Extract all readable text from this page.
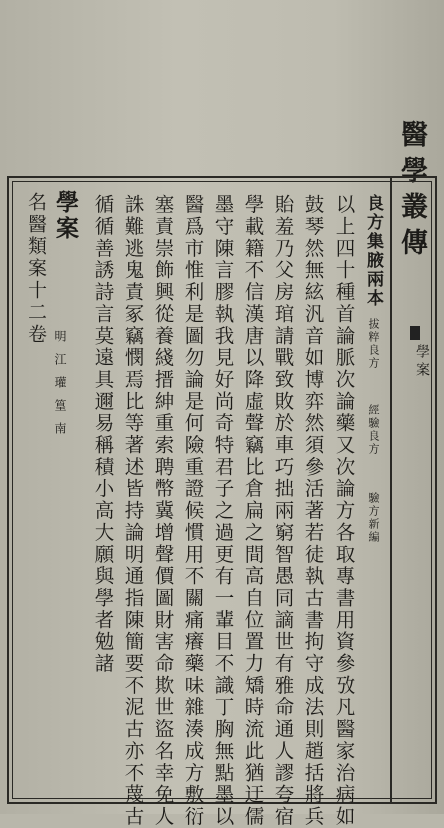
醫學叢傳
學案
良方集腋兩本
拔粹良方
經驗良方
驗方新編
以上四十種首論脈次論藥又次論方各取專書用資參攷凡醫家治病如
鼓琴然無絃汎音如博弈然須參活著若徒執古書拘守成法則趙括將兵
貽羞乃父房琯請戰致敗於車巧拙兩窮智愚同謫世有雅命通人謬夸宿
學載籍不信漢唐以降虛聲竊比倉扁之間高自位置力矯時流此猶迂儒
墨守陳言膠執我見好尚奇特君子之過更有一輩目不識丁胸無點墨以
醫爲市惟利是圖勿論是何險重證候慣用不關痛癢藥味雜湊成方敷衍
塞責崇飾興從養綫搢紳重索聘幣冀增聲價圖財害命欺世盜名幸免人
誅難逃鬼責冢竊憫焉比等著述皆持論明通指陳簡要不泥古亦不蔑古
循循善誘詩言莫遠具邇易稱積小高大願與學者勉諸
學案
名醫類案十二卷
明江瓘篁南
